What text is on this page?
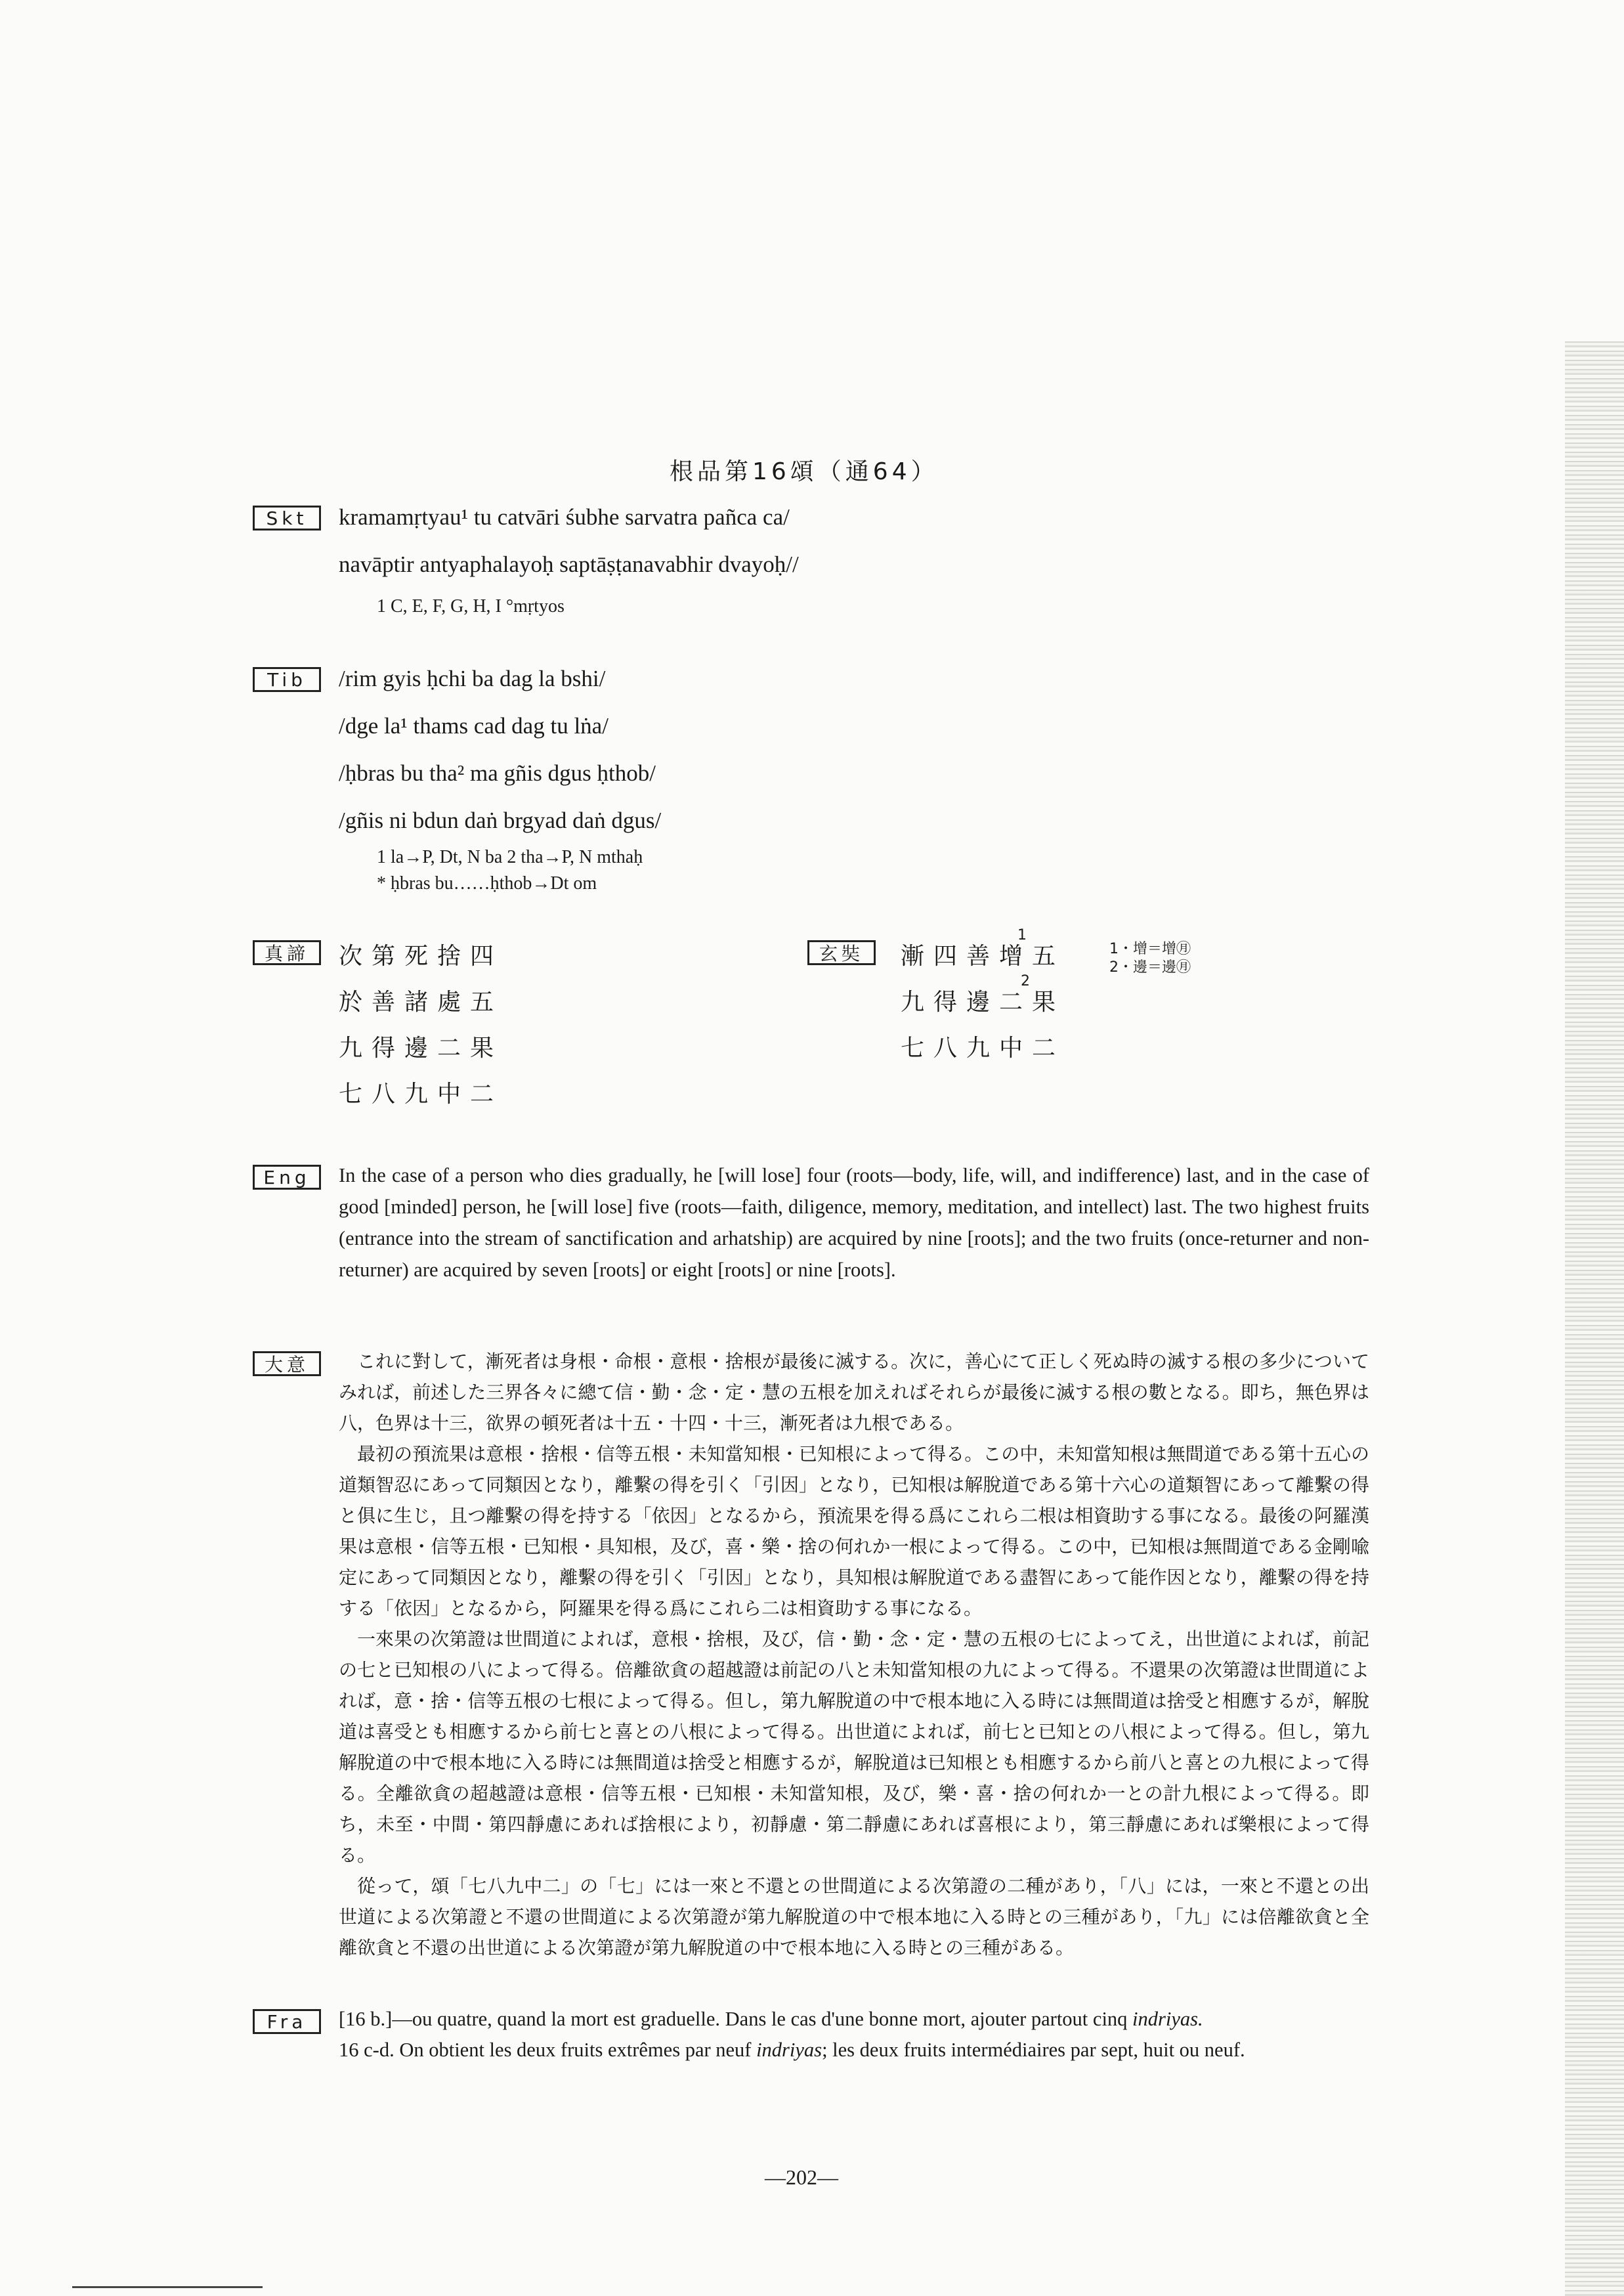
根品第16頌（通64）
Skt	kramamṛtyau¹ tu catvāri śubhe sarvatra pañca ca/
navāptir antyaphalayoḥ saptāṣṭanavabhir dvayoḥ//
1 C, E, F, G, H, I °mṛtyos
Tib	/rim gyis ḥchi ba dag la bshi/
/dge la¹ thams cad dag tu lṅa/
/ḥbras bu tha² ma gñis dgus ḥthob/
/gñis ni bdun daṅ brgyad daṅ dgus/
1 la→P, Dt, N ba 2 tha→P, N mthaḥ
* ḥbras bu……ḥthob→Dt om
真諦	次第死捨四
於善諸處五
九得邊二果
七八九中二
玄奘	漸四善增五
九得邊二果
七八九中二
1
2
1・增＝增㊊
2・邊＝邊㊊
Eng	In the case of a person who dies gradually, he [will lose] four (roots—body, life, will, and indifference) last, and in the case of good [minded] person, he [will lose] five (roots—faith, diligence, memory, meditation, and intellect) last. The two highest fruits (entrance into the stream of sanctification and arhatship) are acquired by nine [roots]; and the two fruits (once-returner and non-returner) are acquired by seven [roots] or eight [roots] or nine [roots].
大意	これに對して，漸死者は身根・命根・意根・捨根が最後に滅する。次に，善心にて正しく死ぬ時の滅する根の多少についてみれば，前述した三界各々に總て信・勤・念・定・慧の五根を加えればそれらが最後に滅する根の數となる。即ち，無色界は八，色界は十三，欲界の頓死者は十五・十四・十三，漸死者は九根である。

最初の預流果は意根・捨根・信等五根・未知當知根・已知根によって得る。この中，未知當知根は無間道である第十五心の道類智忍にあって同類因となり，離繫の得を引く「引因」となり，已知根は解脫道である第十六心の道類智にあって離繫の得と俱に生じ，且つ離繫の得を持する「依因」となるから，預流果を得る爲にこれら二根は相資助する事になる。最後の阿羅漢果は意根・信等五根・已知根・具知根，及び，喜・樂・捨の何れか一根によって得る。この中，已知根は無間道である金剛喩定にあって同類因となり，離繫の得を引く「引因」となり，具知根は解脫道である盡智にあって能作因となり，離繫の得を持する「依因」となるから，阿羅果を得る爲にこれら二は相資助する事になる。

一來果の次第證は世間道によれば，意根・捨根，及び，信・勤・念・定・慧の五根の七によってえ，出世道によれば，前記の七と已知根の八によって得る。倍離欲貪の超越證は前記の八と未知當知根の九によって得る。不還果の次第證は世間道によれば，意・捨・信等五根の七根によって得る。但し，第九解脫道の中で根本地に入る時には無間道は捨受と相應するが，解脫道は喜受とも相應するから前七と喜との八根によって得る。出世道によれば，前七と已知との八根によって得る。但し，第九解脫道の中で根本地に入る時には無間道は捨受と相應するが，解脫道は已知根とも相應するから前八と喜との九根によって得る。全離欲貪の超越證は意根・信等五根・已知根・未知當知根，及び，樂・喜・捨の何れか一との計九根によって得る。即ち，未至・中間・第四靜慮にあれば捨根により，初靜慮・第二靜慮にあれば喜根により，第三靜慮にあれば樂根によって得る。

從って，頌「七八九中二」の「七」には一來と不還との世間道による次第證の二種があり，「八」には，一來と不還との出世道による次第證と不還の世間道による次第證が第九解脫道の中で根本地に入る時との三種があり，「九」には倍離欲貪と全離欲貪と不還の出世道による次第證が第九解脫道の中で根本地に入る時との三種がある。

Fra	[16 b.]—ou quatre, quand la mort est graduelle. Dans le cas d'une bonne mort, ajouter partout cinq indriyas.

16 c-d. On obtient les deux fruits extrêmes par neuf indriyas; les deux fruits intermédiaires par sept, huit ou neuf.

—202—
